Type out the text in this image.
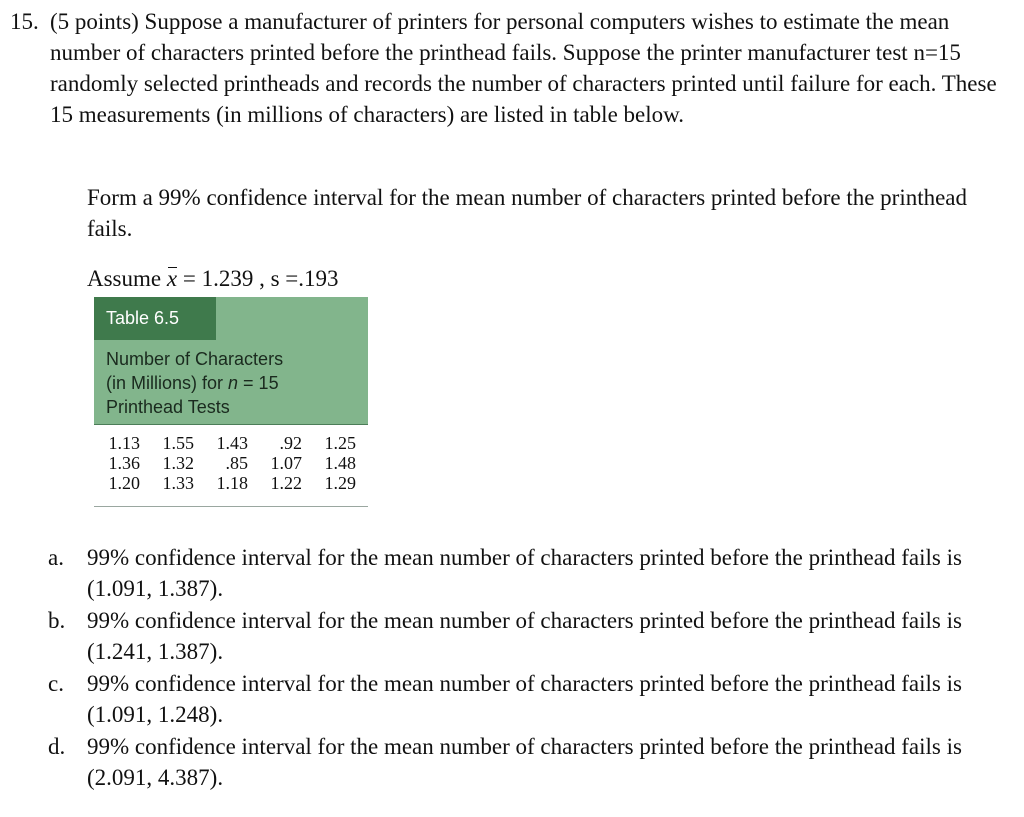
15. (5 points) Suppose a manufacturer of printers for personal computers wishes to estimate the mean number of characters printed before the printhead fails. Suppose the printer manufacturer test n=15 randomly selected printheads and records the number of characters printed until failure for each. These 15 measurements (in millions of characters) are listed in table below.
Form a 99% confidence interval for the mean number of characters printed before the printhead fails.
Assume x = 1.239 , s =.193
Table 6.5
Number of Characters
(in Millions) for n = 15
Printhead Tests
1.13	1.55	1.43	.92	1.25
1.36	1.32	.85	1.07	1.48
1.20	1.33	1.18	1.22	1.29
a. 99% confidence interval for the mean number of characters printed before the printhead fails is (1.091, 1.387).
b. 99% confidence interval for the mean number of characters printed before the printhead fails is (1.241, 1.387).
c. 99% confidence interval for the mean number of characters printed before the printhead fails is (1.091, 1.248).
d. 99% confidence interval for the mean number of characters printed before the printhead fails is (2.091, 4.387).
